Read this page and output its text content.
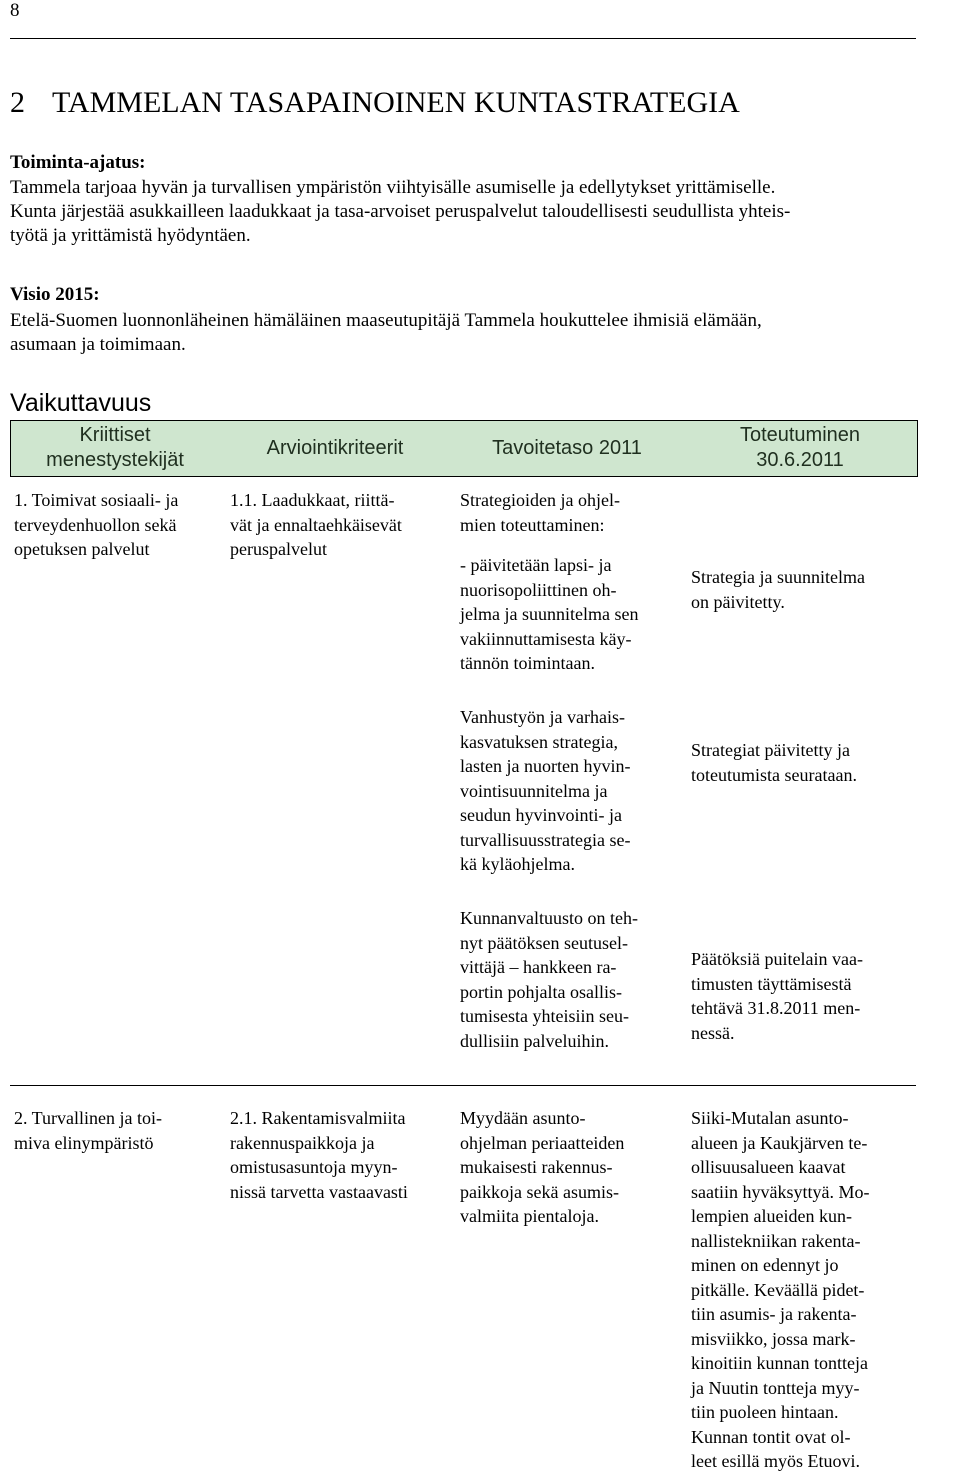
8
2 TAMMELAN TASAPAINOINEN KUNTASTRATEGIA
Toiminta-ajatus:
Tammela tarjoaa hyvän ja turvallisen ympäristön viihtyisälle asumiselle ja edellytykset yrittämiselle.
Kunta järjestää asukkailleen laadukkaat ja tasa-arvoiset peruspalvelut taloudellisesti seudullista yhteis-
työtä ja yrittämistä hyödyntäen.
Visio 2015:
Etelä-Suomen luonnonläheinen hämäläinen maaseutupitäjä Tammela houkuttelee ihmisiä elämään,
asumaan ja toimimaan.
Vaikuttavuus
Kriittiset
menestystekijät
Arviointikriteerit	Tavoitetaso 2011
Toteutuminen
30.6.2011
1. Toimivat sosiaali- ja
terveydenhuollon sekä
opetuksen palvelut
1.1. Laadukkaat, riittä-
vät ja ennaltaehkäisevät
peruspalvelut
Strategioiden ja ohjel-
mien toteuttaminen:
- päivitetään lapsi- ja
nuorisopoliittinen oh-
jelma ja suunnitelma sen
vakiinnuttamisesta käy-
tännön toimintaan.
Strategia ja suunnitelma
on päivitetty.
Vanhustyön ja varhais-
kasvatuksen strategia,
lasten ja nuorten hyvin-
vointisuunnitelma ja
seudun hyvinvointi- ja
turvallisuusstrategia se-
kä kyläohjelma.
Strategiat päivitetty ja
toteutumista seurataan.
Kunnanvaltuusto on teh-
nyt päätöksen seutusel-
vittäjä – hankkeen ra-
portin pohjalta osallis-
tumisesta yhteisiin seu-
dullisiin palveluihin.
Päätöksiä puitelain vaa-
timusten täyttämisestä
tehtävä 31.8.2011 men-
nessä.
2. Turvallinen ja toi-
miva elinympäristö
2.1. Rakentamisvalmiita
rakennuspaikkoja ja
omistusasuntoja myyn-
nissä tarvetta vastaavasti
Myydään asunto-
ohjelman periaatteiden
mukaisesti rakennus-
paikkoja sekä asumis-
valmiita pientaloja.
Siiki-Mutalan asunto-
alueen ja Kaukjärven te-
ollisuusalueen kaavat
saatiin hyväksyttyä. Mo-
lempien alueiden kun-
nallistekniikan rakenta-
minen on edennyt jo
pitkälle. Keväällä pidet-
tiin asumis- ja rakenta-
misviikko, jossa mark-
kinoitiin kunnan tontteja
ja Nuutin tontteja myy-
tiin puoleen hintaan.
Kunnan tontit ovat ol-
leet esillä myös Etuovi.
